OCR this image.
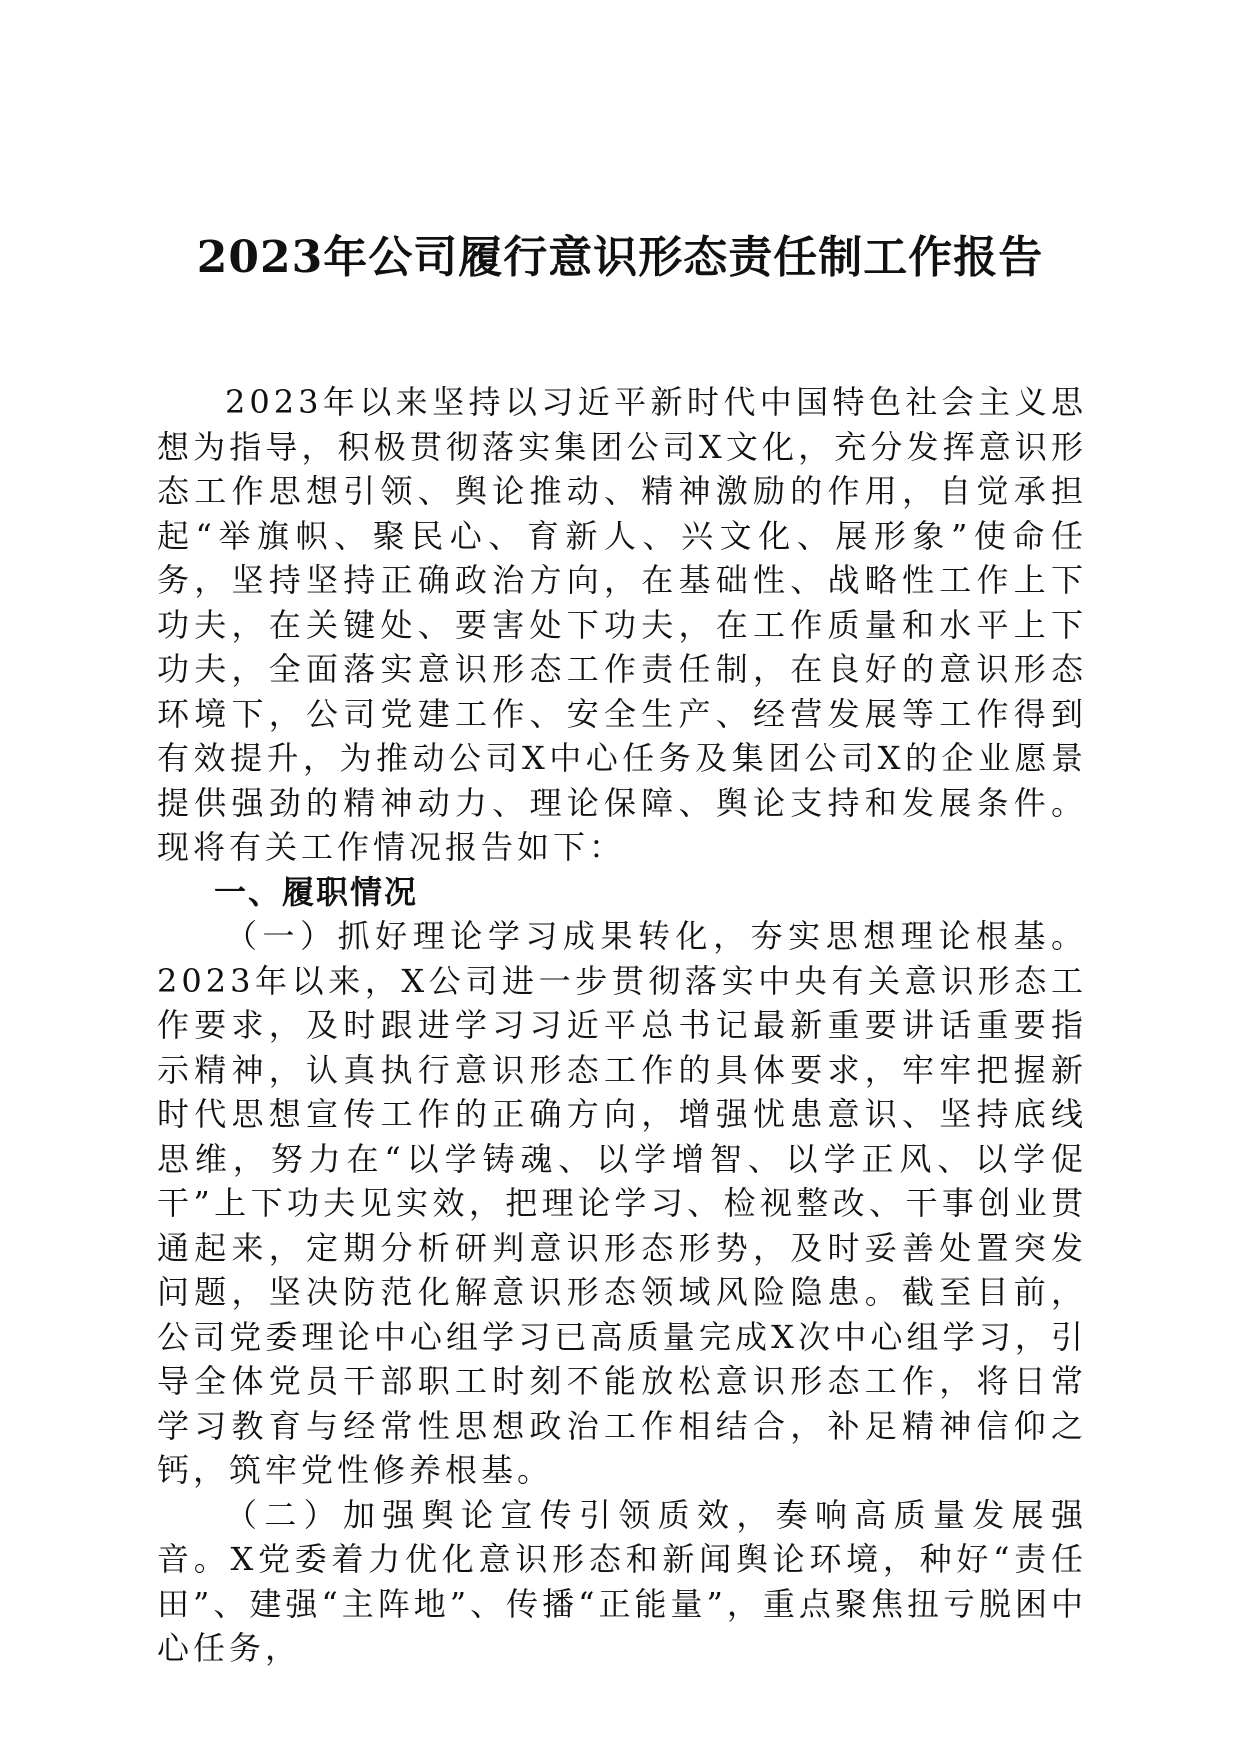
2023年公司履行意识形态责任制工作报告

2023年以来坚持以习近平新时代中国特色社会主义思想为指导，积极贯彻落实集团公司X文化，充分发挥意识形态工作思想引领、舆论推动、精神激励的作用，自觉承担起“举旗帜、聚民心、育新人、兴文化、展形象”使命任务，坚持坚持正确政治方向，在基础性、战略性工作上下功夫，在关键处、要害处下功夫，在工作质量和水平上下功夫，全面落实意识形态工作责任制，在良好的意识形态环境下，公司党建工作、安全生产、经营发展等工作得到有效提升，为推动公司X中心任务及集团公司X的企业愿景提供强劲的精神动力、理论保障、舆论支持和发展条件。现将有关工作情况报告如下：

一、履职情况

（一）抓好理论学习成果转化，夯实思想理论根基。2023年以来，X公司进一步贯彻落实中央有关意识形态工作要求，及时跟进学习习近平总书记最新重要讲话重要指示精神，认真执行意识形态工作的具体要求，牢牢把握新时代思想宣传工作的正确方向，增强忧患意识、坚持底线思维，努力在“以学铸魂、以学增智、以学正风、以学促干”上下功夫见实效，把理论学习、检视整改、干事创业贯通起来，定期分析研判意识形态形势，及时妥善处置突发问题，坚决防范化解意识形态领域风险隐患。截至目前，公司党委理论中心组学习已高质量完成X次中心组学习，引导全体党员干部职工时刻不能放松意识形态工作，将日常学习教育与经常性思想政治工作相结合，补足精神信仰之钙，筑牢党性修养根基。

（二）加强舆论宣传引领质效，奏响高质量发展强音。X党委着力优化意识形态和新闻舆论环境，种好“责任田”、建强“主阵地”、传播“正能量”，重点聚焦扭亏脱困中心任务，
